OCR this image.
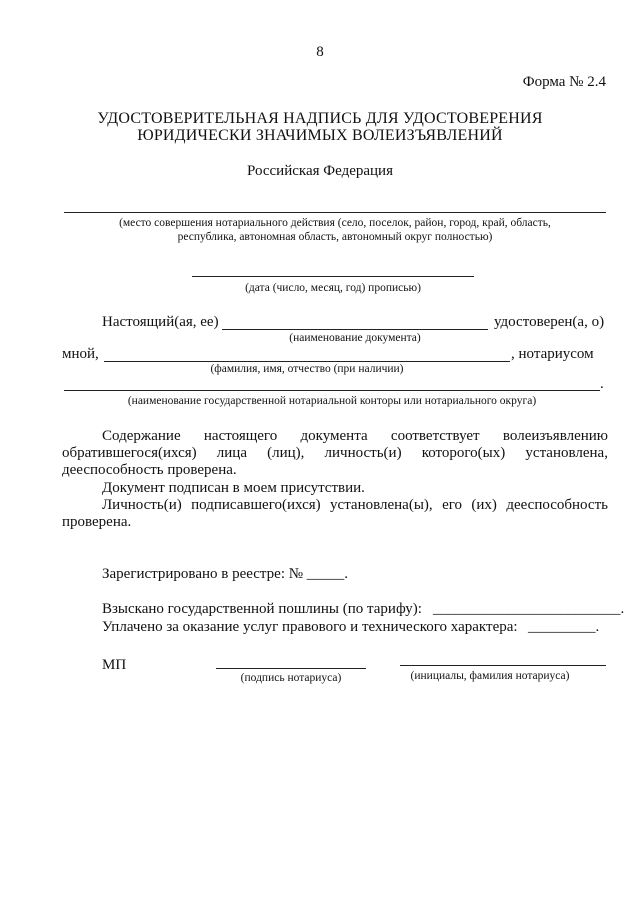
8
Форма № 2.4
УДОСТОВЕРИТЕЛЬНАЯ НАДПИСЬ ДЛЯ УДОСТОВЕРЕНИЯ
ЮРИДИЧЕСКИ ЗНАЧИМЫХ ВОЛЕИЗЪЯВЛЕНИЙ
Российская Федерация
(место совершения нотариального действия (село, поселок, район, город, край, область,
республика, автономная область, автономный округ полностью)
(дата (число, месяц, год) прописью)
Настоящий(ая, ее)	удостоверен(а, о)
(наименование документа)
мной,	, нотариусом
(фамилия, имя, отчество (при наличии)
.
(наименование государственной нотариальной конторы или нотариального округа)
Содержание настоящего документа соответствует волеизъявлению
обратившегося(ихся) лица (лиц), личность(и) которого(ых) установлена,
дееспособность проверена.
Документ подписан в моем присутствии.
Личность(и) подписавшего(ихся) установлена(ы), его (их) дееспособность
проверена.
Зарегистрировано в реестре: № _____.
Взыскано государственной пошлины (по тарифу): _________________________.
Уплачено за оказание услуг правового и технического характера: _________.
МП
(подпись нотариуса)	(инициалы, фамилия нотариуса)
